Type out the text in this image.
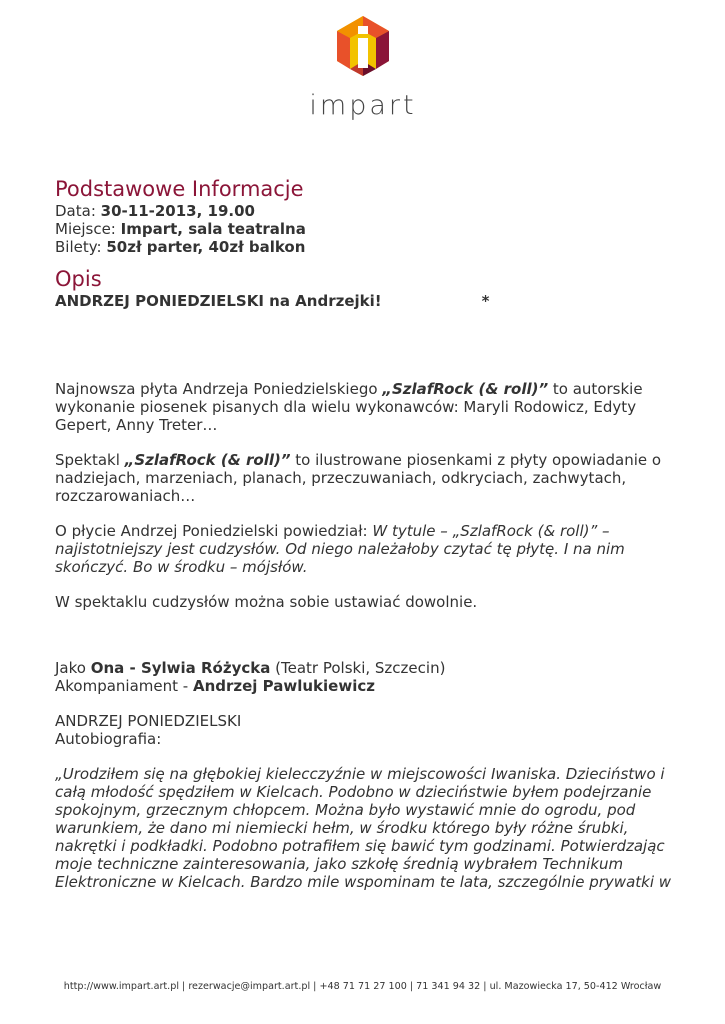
impart
Podstawowe Informacje

Data: 30-11-2013, 19.00

Miejsce: Impart, sala teatralna

Bilety: 50zł parter, 40zł balkon

Opis

ANDRZEJ PONIEDZIELSKI na Andrzejki!	*

Najnowsza płyta Andrzeja Poniedzielskiego „SzlafRock (& roll)” to autorskie wykonanie piosenek pisanych dla wielu wykonawców: Maryli Rodowicz, Edyty Gepert, Anny Treter…

Spektakl „SzlafRock (& roll)” to ilustrowane piosenkami z płyty opowiadanie o nadziejach, marzeniach, planach, przeczuwaniach, odkryciach, zachwytach, rozczarowaniach…

O płycie Andrzej Poniedzielski powiedział: W tytule – „SzlafRock (& roll)” – najistotniejszy jest cudzysłów. Od niego należałoby czytać tę płytę. I na nim skończyć. Bo w środku – mójsłów.

W spektaklu cudzysłów można sobie ustawiać dowolnie.

Jako Ona - Sylwia Różycka (Teatr Polski, Szczecin)

Akompaniament - Andrzej Pawlukiewicz

ANDRZEJ PONIEDZIELSKI

Autobiografia:

„Urodziłem się na głębokiej kielecczyźnie w miejscowości Iwaniska. Dzieciństwo i całą młodość spędziłem w Kielcach. Podobno w dzieciństwie byłem podejrzanie spokojnym, grzecznym chłopcem. Można było wystawić mnie do ogrodu, pod warunkiem, że dano mi niemiecki hełm, w środku którego były różne śrubki, nakrętki i podkładki. Podobno potrafiłem się bawić tym godzinami. Potwierdzając moje techniczne zainteresowania, jako szkołę średnią wybrałem Technikum Elektroniczne w Kielcach. Bardzo mile wspominam te lata, szczególnie prywatki w

http://www.impart.art.pl | rezerwacje@impart.art.pl | +48 71 71 27 100 | 71 341 94 32 | ul. Mazowiecka 17, 50-412 Wrocław
